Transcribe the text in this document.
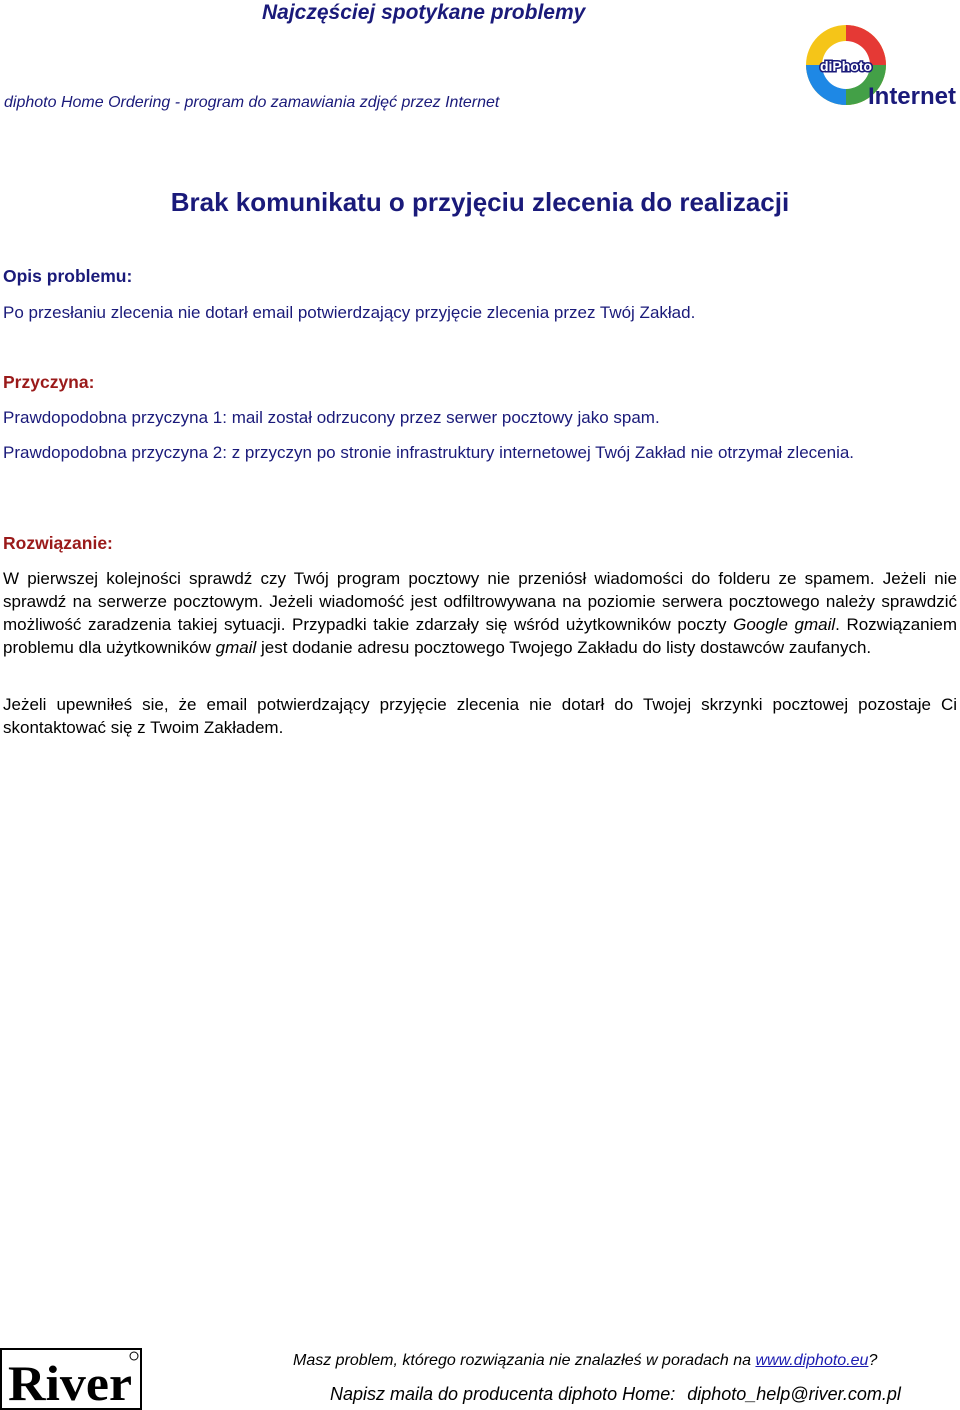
Najczęściej spotykane problemy
diphoto Home Ordering - program do zamawiania zdjęć przez Internet
diPhoto
Internet
Brak komunikatu o przyjęciu zlecenia do realizacji
Opis problemu:
Po przesłaniu zlecenia nie dotarł email potwierdzający przyjęcie zlecenia przez Twój Zakład.
Przyczyna:
Prawdopodobna przyczyna 1: mail został odrzucony przez serwer pocztowy jako spam.
Prawdopodobna przyczyna 2: z przyczyn po stronie infrastruktury internetowej Twój Zakład nie otrzymał zlecenia.
Rozwiązanie:
W pierwszej kolejności sprawdź czy Twój program pocztowy nie przeniósł wiadomości do folderu ze spamem. Jeżeli nie sprawdź na serwerze pocztowym. Jeżeli wiadomość jest odfiltrowywana na poziomie serwera pocztowego należy sprawdzić możliwość zaradzenia takiej sytuacji. Przypadki takie zdarzały się wśród użytkowników poczty Google gmail. Rozwiązaniem problemu dla użytkowników gmail jest dodanie adresu pocztowego Twojego Zakładu do listy dostawców zaufanych.
Jeżeli upewniłeś sie, że email potwierdzający przyjęcie zlecenia nie dotarł do Twojej skrzynki pocztowej pozostaje Ci skontaktować się z Twoim Zakładem.
River	Masz problem, którego rozwiązania nie znalazłeś w poradach na www.diphoto.eu?
Napisz maila do producenta diphoto Home: diphoto_help@river.com.pl
